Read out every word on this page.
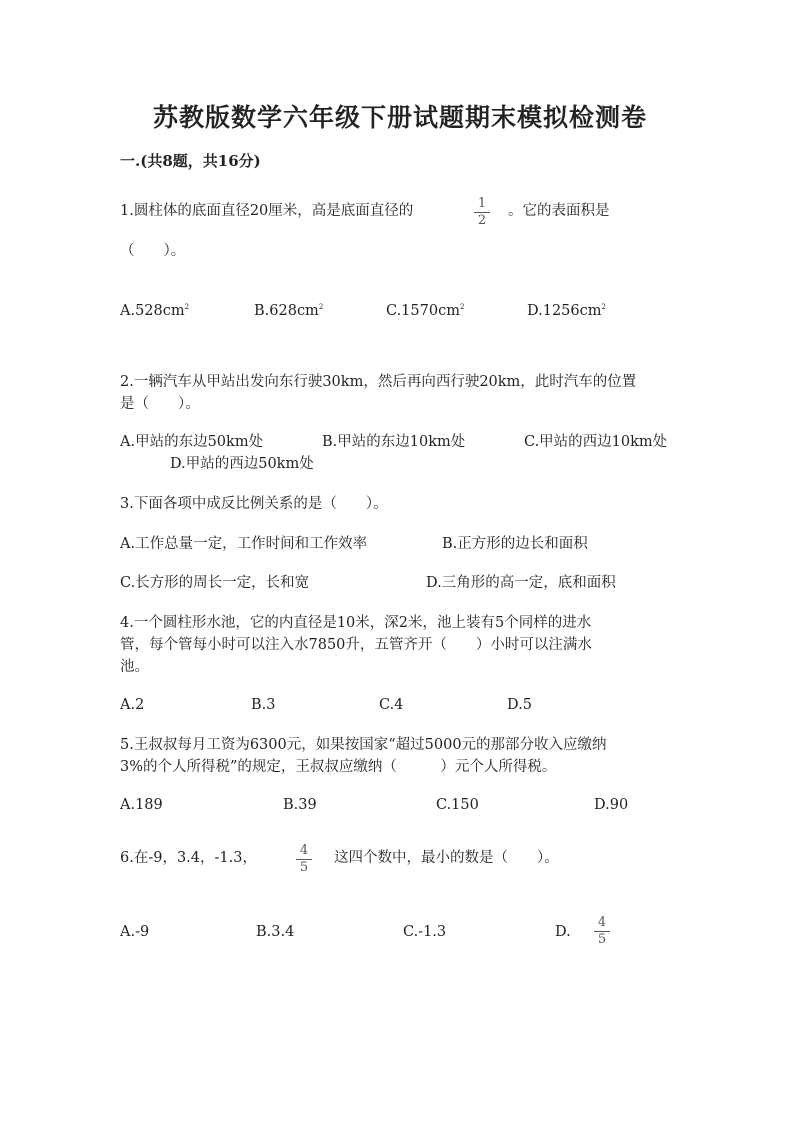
苏教版数学六年级下册试题期末模拟检测卷
一.(共8题，共16分)
1.圆柱体的底面直径20厘米，高是底面直径的	1
2
。它的表面积是
（　　）。
$A.528cm^2$	$B.628cm^2$	$C.1570cm^2$	$D.1256cm^2$
2.一辆汽车从甲站出发向东行驶30km，然后再向西行驶20km，此时汽车的位置
是（　　）。
A.甲站的东边50km处	B.甲站的东边10km处	C.甲站的西边10km处
D.甲站的西边50km处
3.下面各项中成反比例关系的是（　　）。
A.工作总量一定，工作时间和工作效率	B.正方形的边长和面积
C.长方形的周长一定，长和宽	D.三角形的高一定，底和面积
4.一个圆柱形水池，它的内直径是10米，深2米，池上装有5个同样的进水
管，每个管每小时可以注入水7850升，五管齐开（　　）小时可以注满水
池。
A.2	B.3	C.4	D.5
5.王叔叔每月工资为6300元，如果按国家“超过5000元的那部分收入应缴纳
3%的个人所得税”的规定，王叔叔应缴纳（　　　）元个人所得税。
A.189	B.39	C.150	D.90
6.在-9，3.4，-1.3，	4
5
这四个数中，最小的数是（　　）。
A.-9	B.3.4	C.-1.3	D.
4
5
